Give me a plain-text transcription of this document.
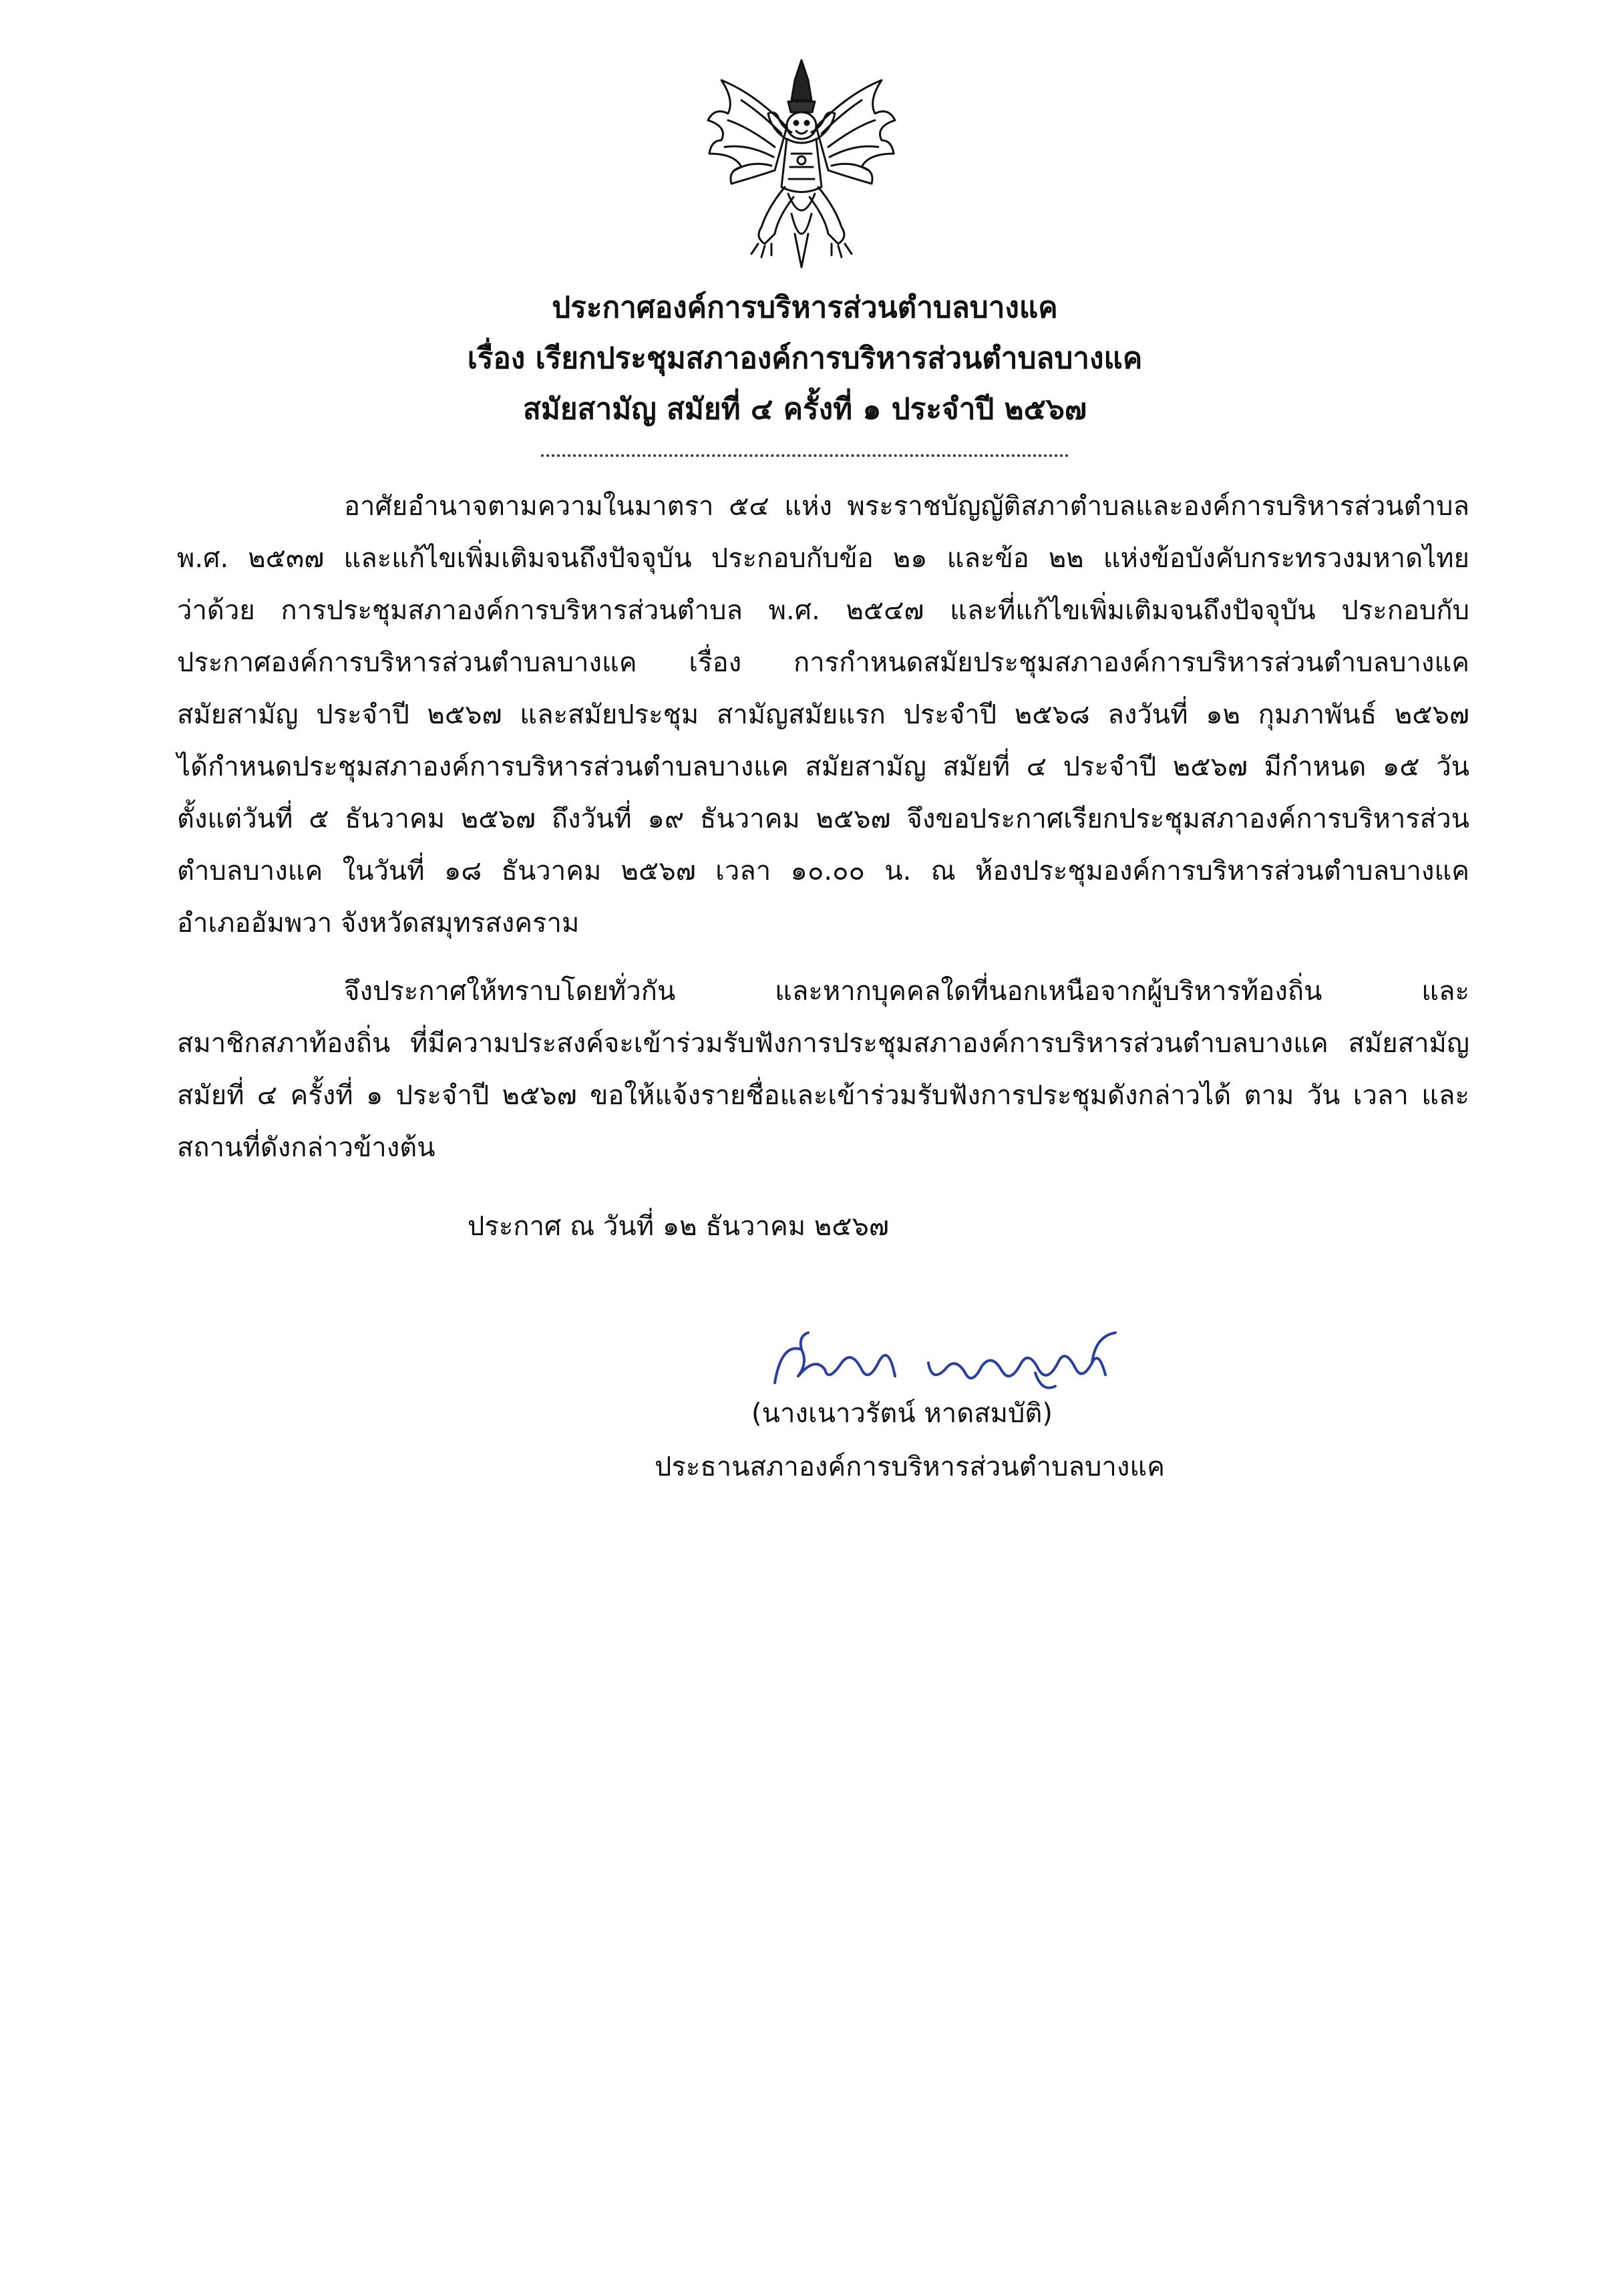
ประกาศองค์การบริหารส่วนตำบลบางแค
เรื่อง เรียกประชุมสภาองค์การบริหารส่วนตำบลบางแค
สมัยสามัญ สมัยที่ ๔ ครั้งที่ ๑ ประจำปี ๒๕๖๗
อาศัยอำนาจตามความในมาตรา ๕๔ แห่ง พระราชบัญญัติสภาตำบลและองค์การบริหารส่วนตำบล
พ.ศ. ๒๕๓๗ และแก้ไขเพิ่มเติมจนถึงปัจจุบัน ประกอบกับข้อ ๒๑ และข้อ ๒๒ แห่งข้อบังคับกระทรวงมหาดไทย
ว่าด้วย การประชุมสภาองค์การบริหารส่วนตำบล พ.ศ. ๒๕๔๗ และที่แก้ไขเพิ่มเติมจนถึงปัจจุบัน ประกอบกับ
ประกาศองค์การบริหารส่วนตำบลบางแค เรื่อง การกำหนดสมัยประชุมสภาองค์การบริหารส่วนตำบลบางแค
สมัยสามัญ ประจำปี ๒๕๖๗ และสมัยประชุม สามัญสมัยแรก ประจำปี ๒๕๖๘ ลงวันที่ ๑๒ กุมภาพันธ์ ๒๕๖๗
ได้กำหนดประชุมสภาองค์การบริหารส่วนตำบลบางแค สมัยสามัญ สมัยที่ ๔ ประจำปี ๒๕๖๗ มีกำหนด ๑๕ วัน
ตั้งแต่วันที่ ๕ ธันวาคม ๒๕๖๗ ถึงวันที่ ๑๙ ธันวาคม ๒๕๖๗ จึงขอประกาศเรียกประชุมสภาองค์การบริหารส่วน
ตำบลบางแค ในวันที่ ๑๘ ธันวาคม ๒๕๖๗ เวลา ๑๐.๐๐ น. ณ ห้องประชุมองค์การบริหารส่วนตำบลบางแค
อำเภออัมพวา จังหวัดสมุทรสงคราม
จึงประกาศให้ทราบโดยทั่วกัน และหากบุคคลใดที่นอกเหนือจากผู้บริหารท้องถิ่น และ
สมาชิกสภาท้องถิ่น ที่มีความประสงค์จะเข้าร่วมรับฟังการประชุมสภาองค์การบริหารส่วนตำบลบางแค สมัยสามัญ
สมัยที่ ๔ ครั้งที่ ๑ ประจำปี ๒๕๖๗ ขอให้แจ้งรายชื่อและเข้าร่วมรับฟังการประชุมดังกล่าวได้ ตาม วัน เวลา และ
สถานที่ดังกล่าวข้างต้น
ประกาศ ณ วันที่ ๑๒ ธันวาคม ๒๕๖๗
(นางเนาวรัตน์ หาดสมบัติ)
ประธานสภาองค์การบริหารส่วนตำบลบางแค
